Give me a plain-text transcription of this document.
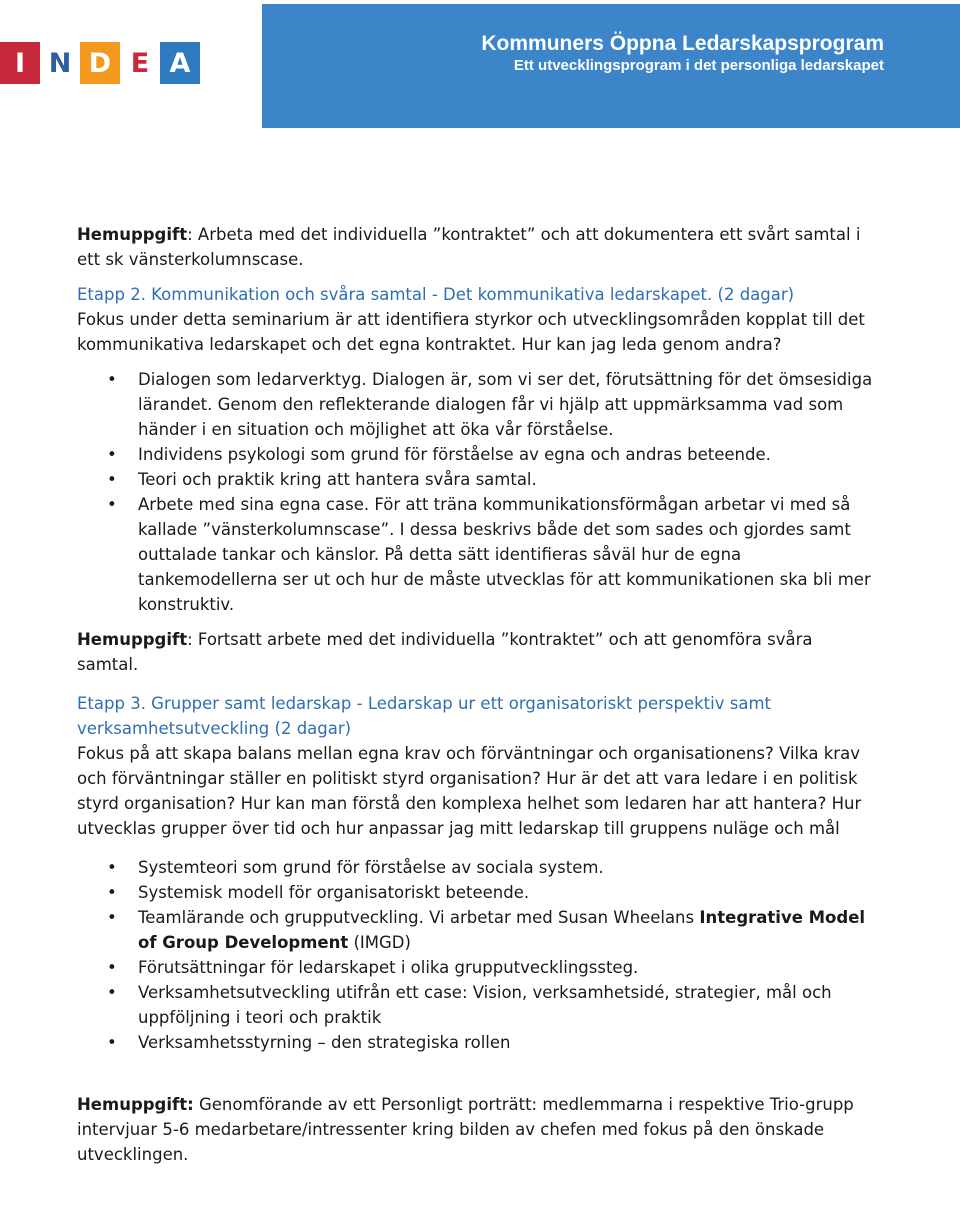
I N D E A
Kommuners Öppna Ledarskapsprogram
Ett utvecklingsprogram i det personliga ledarskapet

Hemuppgift: Arbeta med det individuella ”kontraktet” och att dokumentera ett svårt samtal i ett sk vänsterkolumnscase.

Etapp 2. Kommunikation och svåra samtal - Det kommunikativa ledarskapet. (2 dagar)

Fokus under detta seminarium är att identifiera styrkor och utvecklingsområden kopplat till det kommunikativa ledarskapet och det egna kontraktet. Hur kan jag leda genom andra?

• Dialogen som ledarverktyg. Dialogen är, som vi ser det, förutsättning för det ömsesidiga lärandet. Genom den reflekterande dialogen får vi hjälp att uppmärksamma vad som händer i en situation och möjlighet att öka vår förståelse.
• Individens psykologi som grund för förståelse av egna och andras beteende.
• Teori och praktik kring att hantera svåra samtal.
• Arbete med sina egna case. För att träna kommunikationsförmågan arbetar vi med så kallade ”vänsterkolumnscase”. I dessa beskrivs både det som sades och gjordes samt outtalade tankar och känslor. På detta sätt identifieras såväl hur de egna tankemodellerna ser ut och hur de måste utvecklas för att kommunikationen ska bli mer konstruktiv.

Hemuppgift: Fortsatt arbete med det individuella ”kontraktet” och att genomföra svåra samtal.

Etapp 3. Grupper samt ledarskap - Ledarskap ur ett organisatoriskt perspektiv samt verksamhetsutveckling (2 dagar)

Fokus på att skapa balans mellan egna krav och förväntningar och organisationens? Vilka krav och förväntningar ställer en politiskt styrd organisation? Hur är det att vara ledare i en politisk styrd organisation? Hur kan man förstå den komplexa helhet som ledaren har att hantera? Hur utvecklas grupper över tid och hur anpassar jag mitt ledarskap till gruppens nuläge och mål

• Systemteori som grund för förståelse av sociala system.
• Systemisk modell för organisatoriskt beteende.
• Teamlärande och grupputveckling. Vi arbetar med Susan Wheelans Integrative Model of Group Development (IMGD)
• Förutsättningar för ledarskapet i olika grupputvecklingssteg.
• Verksamhetsutveckling utifrån ett case: Vision, verksamhetsidé, strategier, mål och uppföljning i teori och praktik
• Verksamhetsstyrning – den strategiska rollen

Hemuppgift: Genomförande av ett Personligt porträtt: medlemmarna i respektive Trio-grupp intervjuar 5-6 medarbetare/intressenter kring bilden av chefen med fokus på den önskade utvecklingen.
